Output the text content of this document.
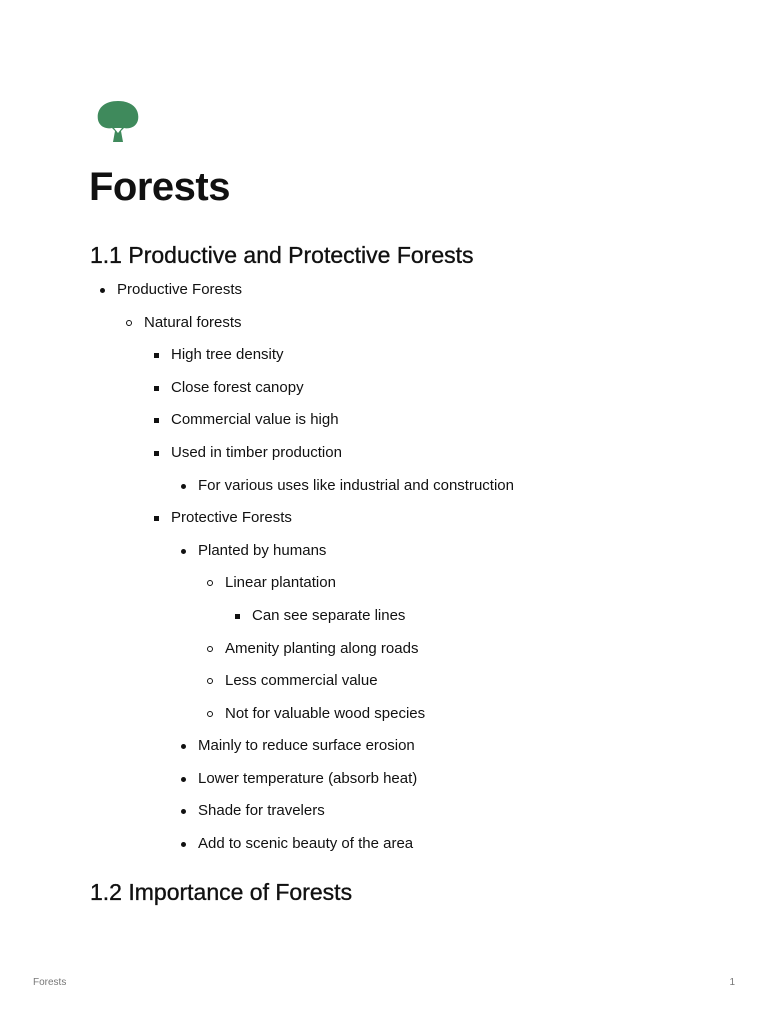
Forests
1.1 Productive and Protective Forests
Productive Forests
Natural forests
High tree density
Close forest canopy
Commercial value is high
Used in timber production
For various uses like industrial and construction
Protective Forests
Planted by humans
Linear plantation
Can see separate lines
Amenity planting along roads
Less commercial value
Not for valuable wood species
Mainly to reduce surface erosion
Lower temperature (absorb heat)
Shade for travelers
Add to scenic beauty of the area
1.2 Importance of Forests
Forests	1
